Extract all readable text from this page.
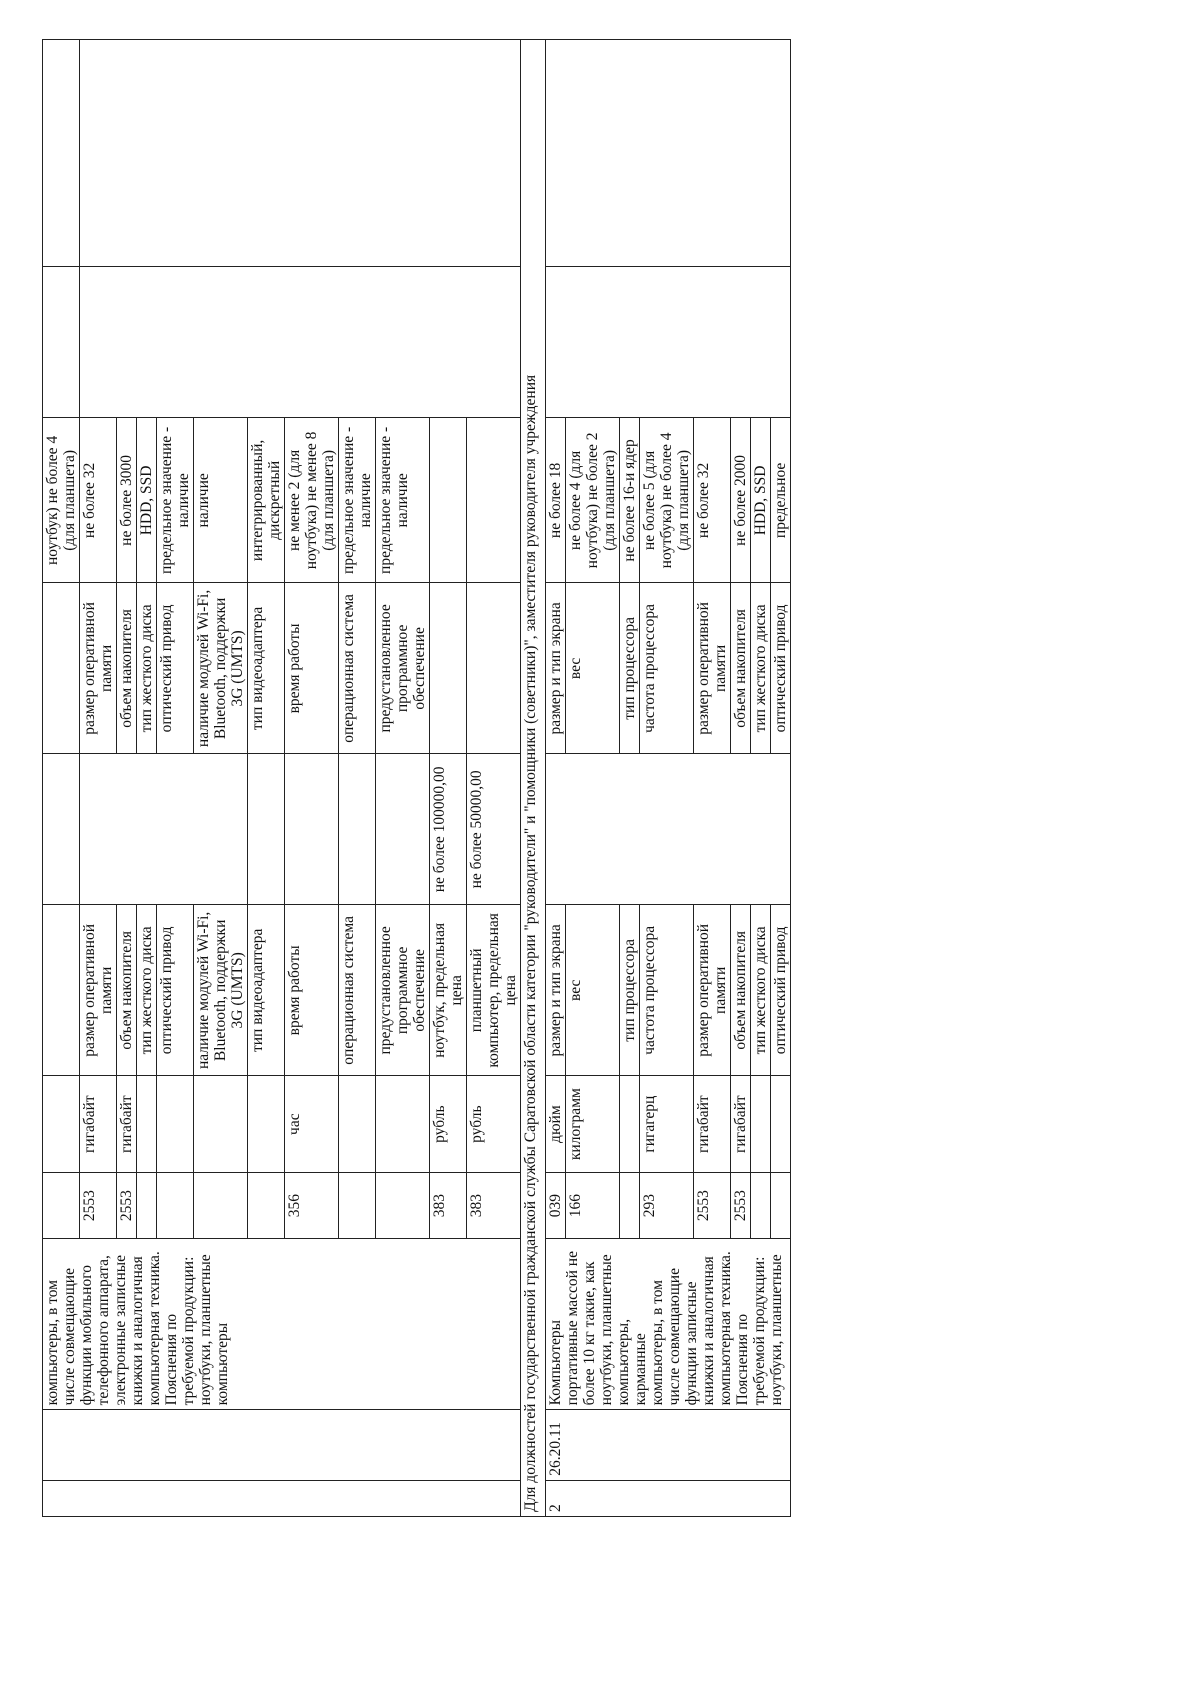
		компьютеры, в том числе совмещающие функции мобильного телефонного аппарата, электронные записные книжки и аналогичная компьютерная техника. Пояснения по требуемой продукции: ноутбуки, планшетные компьютеры						ноутбук) не более 4 (для планшета)		
			2553	гигабайт	размер оперативной памяти		размер оперативной памяти	не более 32		
			2553	гигабайт	объем накопителя		объем накопителя	не более 3000		
					тип жесткого диска		тип жесткого диска	HDD, SSD		
					оптический привод		оптический привод	предельное значение - наличие		
					наличие модулей Wi-Fi, Bluetooth, поддержки 3G (UMTS)		наличие модулей Wi-Fi, Bluetooth, поддержки 3G (UMTS)	наличие		
					тип видеоадаптера		тип видеоадаптера	интегрированный, дискретный		
			356	час	время работы		время работы	не менее 2 (для ноутбука) не менее 8 (для планшета)		
					операционная система		операционная система	предельное значение - наличие		
					предустановленное программное обеспечение		предустановленное программное обеспечение	предельное значение - наличие		
			383	рубль	ноутбук, предельная цена	не более 100000,00				
			383	рубль	планшетный компьютер, предельная цена	не более 50000,00				
Для должностей государственной гражданской службы Саратовской области категории "руководители" и "помощники (советники)", заместителя руководителя учреждения										
2	26.20.11	Компьютеры портативные массой не более 10 кг такие, как ноутбуки, планшетные компьютеры, карманные компьютеры, в том числе совмещающие функции записные книжки и аналогичная компьютерная техника. Пояснения по требуемой продукции: ноутбуки, планшетные	039	дюйм	размер и тип экрана		размер и тип экрана	не более 18		
			166	килограмм	вес		вес	не более 4 (для ноутбука) не более 2 (для планшета)		
					тип процессора		тип процессора	не более 16-и ядер		
			293	гигагерц	частота процессора		частота процессора	не более 5 (для ноутбука) не более 4 (для планшета)		
			2553	гигабайт	размер оперативной памяти		размер оперативной памяти	не более 32		
			2553	гигабайт	объем накопителя		объем накопителя	не более 2000		
					тип жесткого диска		тип жесткого диска	HDD, SSD		
					оптический привод		оптический привод	предельное		
